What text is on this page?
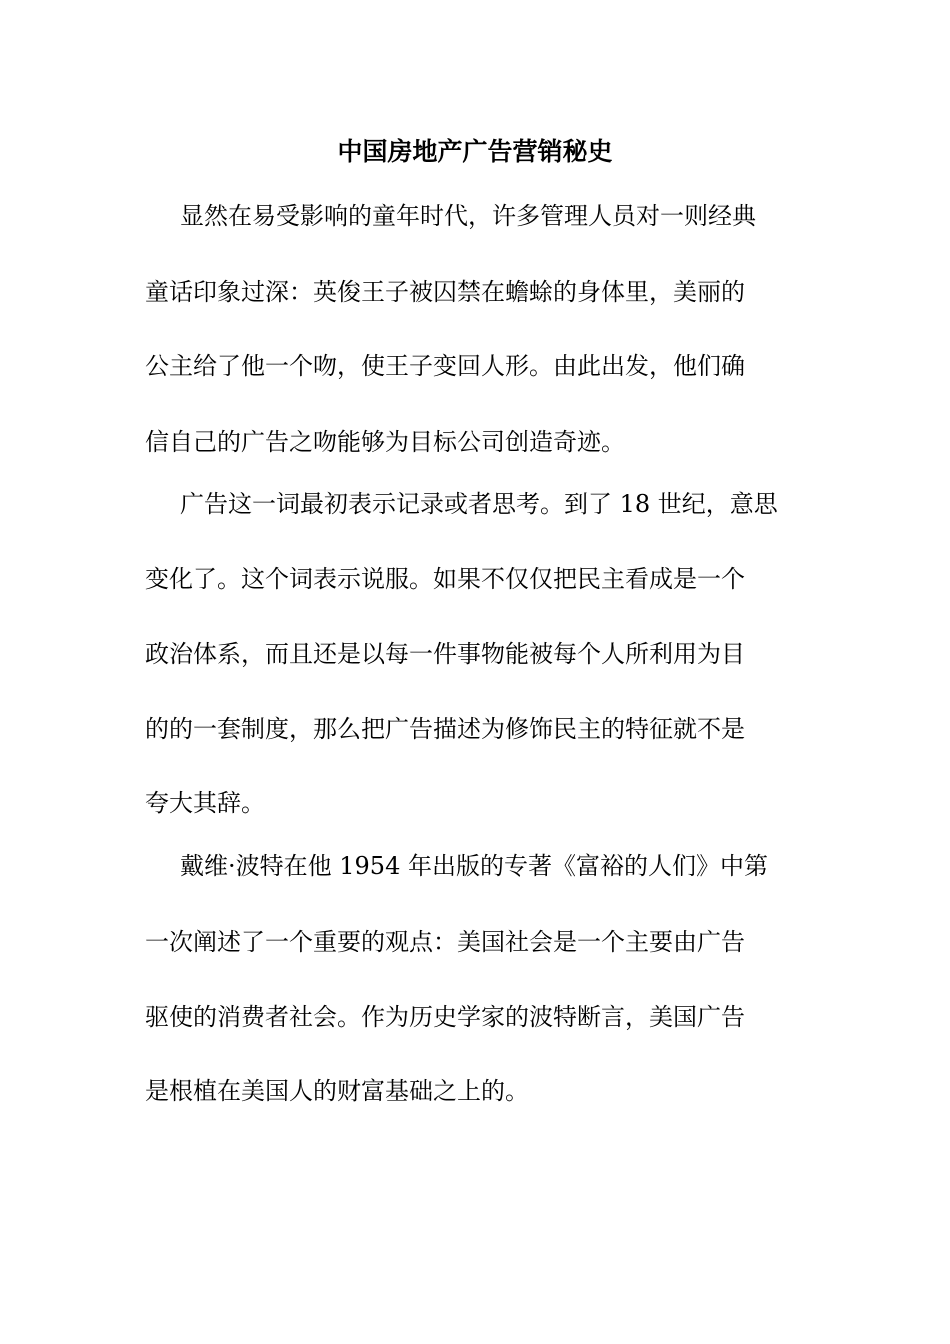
中国房地产广告营销秘史

显然在易受影响的童年时代，许多管理人员对一则经典

童话印象过深：英俊王子被囚禁在蟾蜍的身体里，美丽的

公主给了他一个吻，使王子变回人形。由此出发，他们确

信自己的广告之吻能够为目标公司创造奇迹。

广告这一词最初表示记录或者思考。到了 18 世纪，意思

变化了。这个词表示说服。如果不仅仅把民主看成是一个

政治体系，而且还是以每一件事物能被每个人所利用为目

的的一套制度，那么把广告描述为修饰民主的特征就不是

夸大其辞。

戴维·波特在他 1954 年出版的专著《富裕的人们》中第

一次阐述了一个重要的观点：美国社会是一个主要由广告

驱使的消费者社会。作为历史学家的波特断言，美国广告

是根植在美国人的财富基础之上的。
